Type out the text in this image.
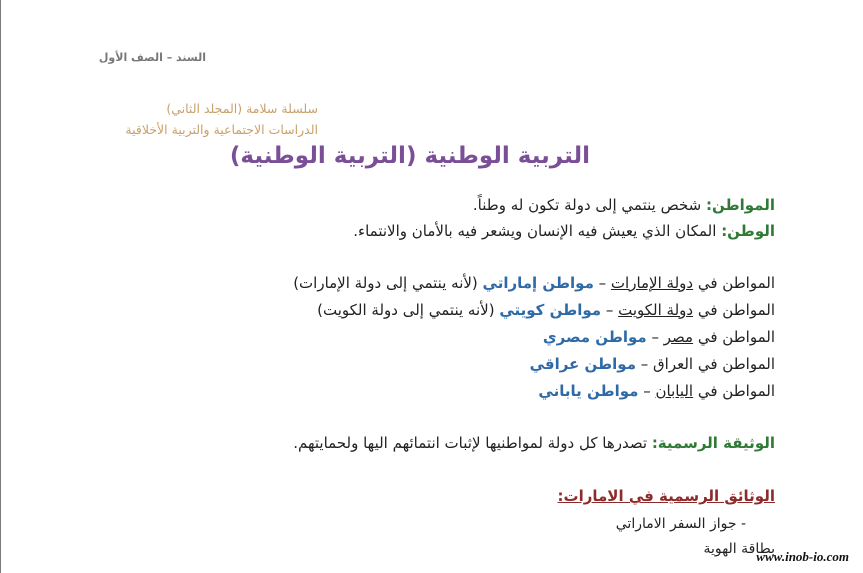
السند – الصف الأول
سلسلة سلامة (المجلد الثاني)
الدراسات الاجتماعية والتربية الأخلاقية
التربية الوطنية (التربية الوطنية)
المواطن: شخص ينتمي إلى دولة تكون له وطناً.
الوطن: المكان الذي يعيش فيه الإنسان ويشعر فيه بالأمان والانتماء.
المواطن في دولة الإمارات – مواطن إماراتي (لأنه ينتمي إلى دولة الإمارات)
المواطن في دولة الكويت – مواطن كويتي (لأنه ينتمي إلى دولة الكويت)
المواطن في مصر – مواطن مصري
المواطن في العراق – مواطن عراقي
المواطن في اليابان – مواطن ياباني
الوثيقة الرسمية: تصدرها كل دولة لمواطنيها لإثبات انتمائهم اليها ولحمايتهم.
الوثائق الرسمية في الامارات:
- جواز السفر الاماراتي
بطاقة الهوية
www.inob-io.com
